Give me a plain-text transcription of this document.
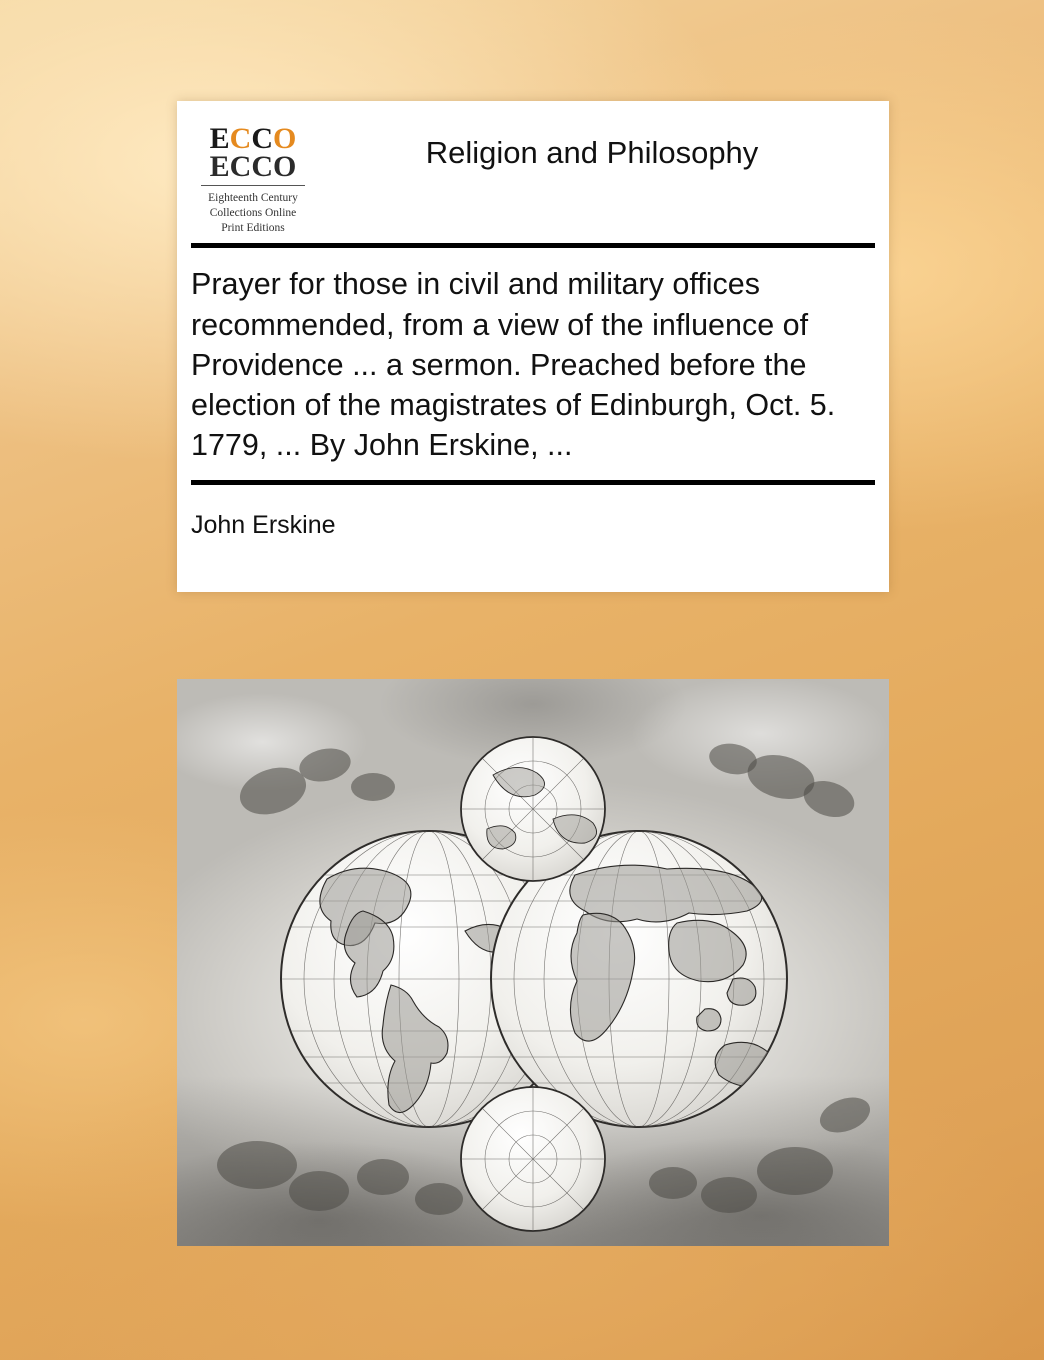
ECCO
ECCO
Eighteenth Century
Collections Online
Print Editions
Religion and Philosophy
Prayer for those in civil and military offices recommended, from a view of the influence of Providence ... a sermon. Preached before the election of the magistrates of Edinburgh, Oct. 5. 1779, ... By John Erskine, ...
John Erskine
